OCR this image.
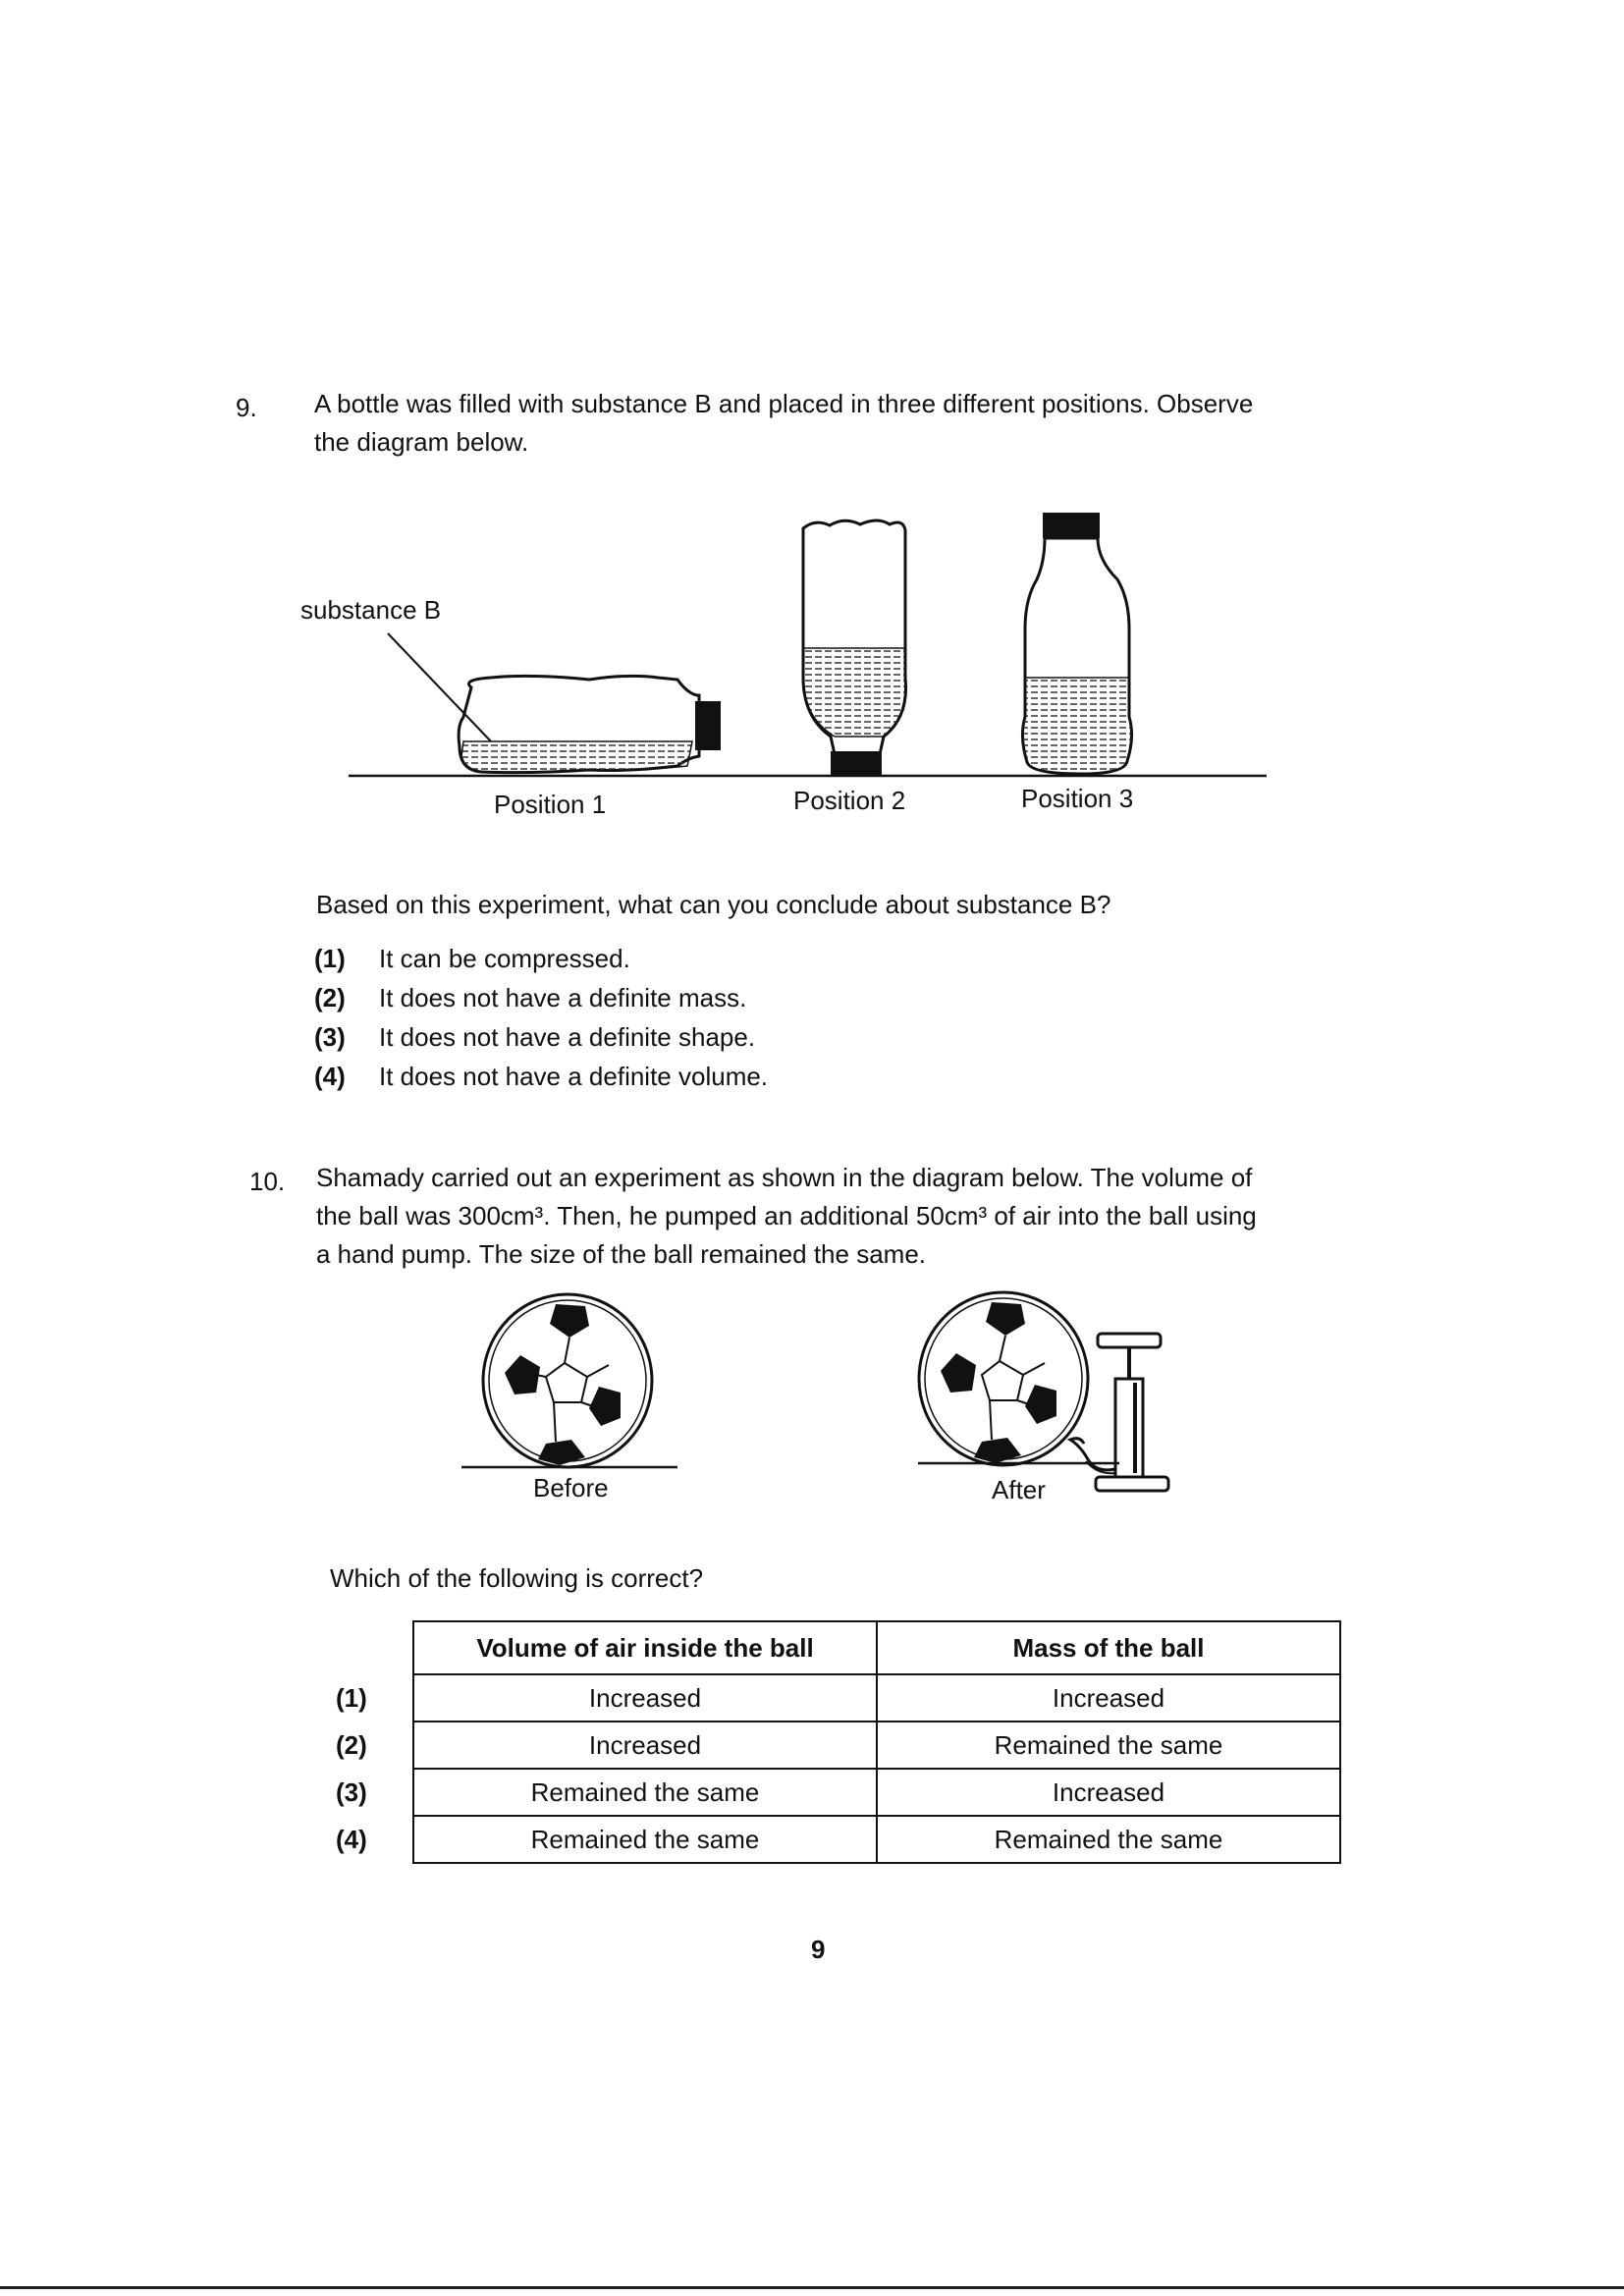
9. A bottle was filled with substance B and placed in three different positions. Observe
the diagram below.
substance B
Position 1	Position 2	Position 3
Based on this experiment, what can you conclude about substance B?
(1)	It can be compressed.
(2)	It does not have a definite mass.
(3)	It does not have a definite shape.
(4)	It does not have a definite volume.
10. Shamady carried out an experiment as shown in the diagram below. The volume of
the ball was 300cm³. Then, he pumped an additional 50cm³ of air into the ball using
a hand pump. The size of the ball remained the same.
Before	After
Which of the following is correct?
	Volume of air inside the ball	Mass of the ball
(1)	Increased	Increased
(2)	Increased	Remained the same
(3)	Remained the same	Increased
(4)	Remained the same	Remained the same
9
